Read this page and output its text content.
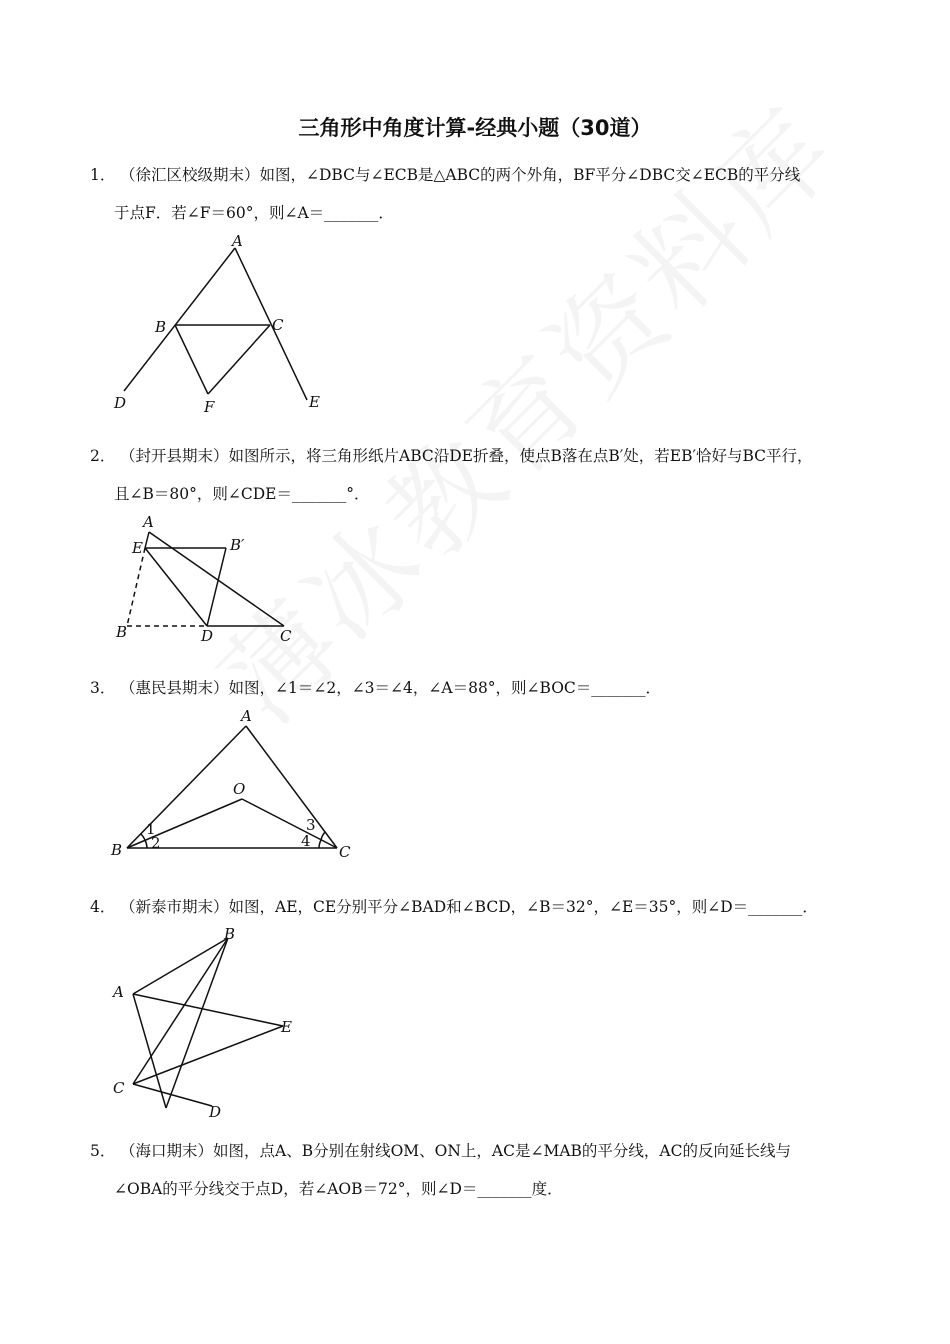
三角形中角度计算-经典小题（30道）
1． （徐汇区校级期末）如图，∠DBC与∠ECB是△ABC的两个外角，BF平分∠DBC交∠ECB的平分线
于点F．若∠F＝60°，则∠A＝_______．
A
B	C
D	E
F
2． （封开县期末）如图所示，将三角形纸片ABC沿DE折叠，使点B落在点B′处，若EB′恰好与BC平行，
且∠B＝80°，则∠CDE＝_______°．
A
E	B′
B	D	C
3． （惠民县期末）如图，∠1＝∠2，∠3＝∠4，∠A＝88°，则∠BOC＝_______．
A
O
B	C
1
2
3
4
4． （新泰市期末）如图，AE，CE分别平分∠BAD和∠BCD，∠B＝32°，∠E＝35°，则∠D＝_______．
B
A
E
C
D
5． （海口期末）如图，点A、B分别在射线OM、ON上，AC是∠MAB的平分线，AC的反向延长线与
∠OBA的平分线交于点D，若∠AOB＝72°，则∠D＝_______度．
